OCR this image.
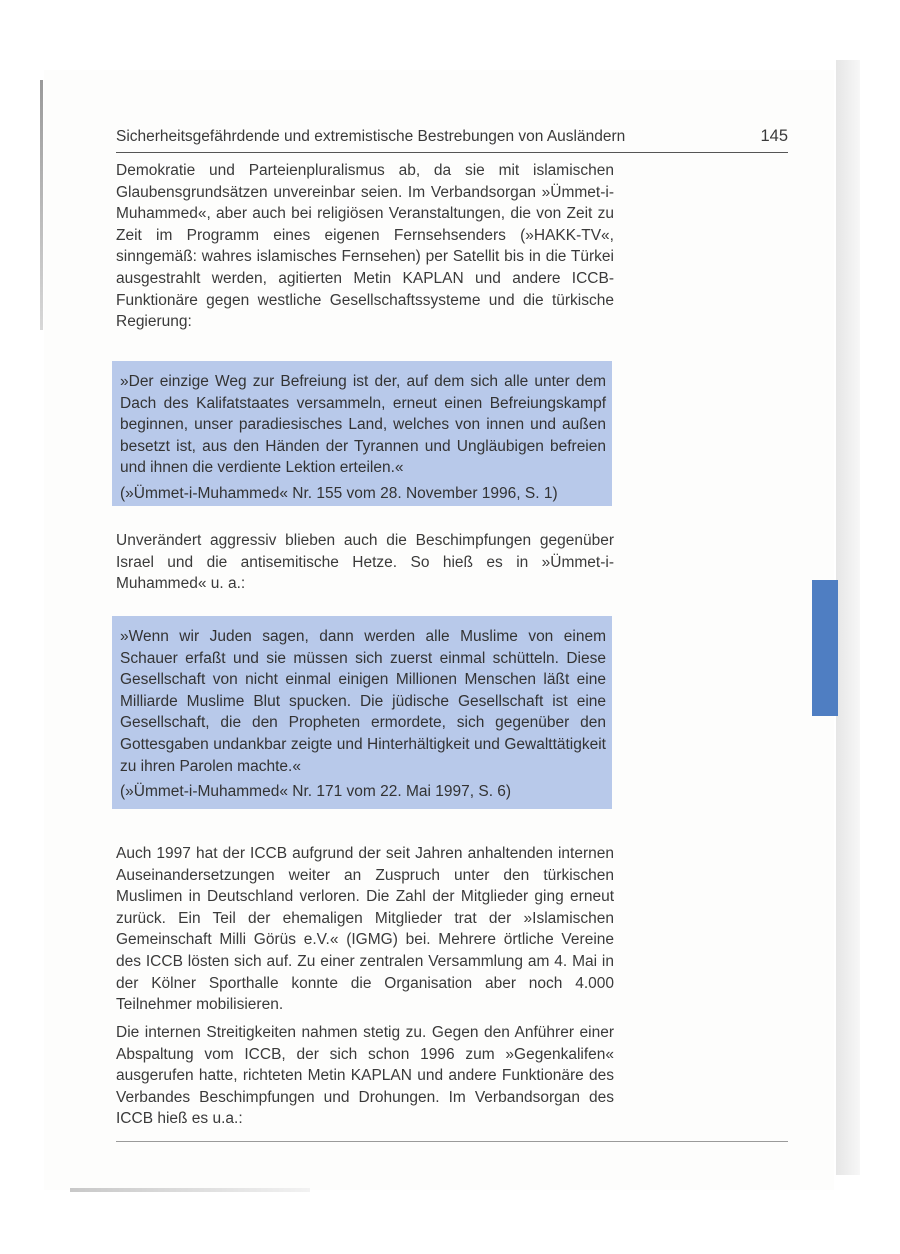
Sicherheitsgefährdende und extremistische Bestrebungen von Ausländern	145

Demokratie und Parteienpluralismus ab, da sie mit islamischen Glaubensgrundsätzen unvereinbar seien. Im Verbandsorgan »Ümmet-i-Muhammed«, aber auch bei religiösen Veranstaltungen, die von Zeit zu Zeit im Programm eines eigenen Fernsehsenders (»HAKK-TV«, sinngemäß: wahres islamisches Fernsehen) per Satellit bis in die Türkei ausgestrahlt werden, agitierten Metin KAPLAN und andere ICCB-Funktionäre gegen westliche Gesellschaftssysteme und die türkische Regierung:

»Der einzige Weg zur Befreiung ist der, auf dem sich alle unter dem Dach des Kalifatstaates versammeln, erneut einen Befreiungskampf beginnen, unser paradiesisches Land, welches von innen und außen besetzt ist, aus den Händen der Tyrannen und Ungläubigen befreien und ihnen die verdiente Lektion erteilen.«

(»Ümmet-i-Muhammed« Nr. 155 vom 28. November 1996, S. 1)

Unverändert aggressiv blieben auch die Beschimpfungen gegenüber Israel und die antisemitische Hetze. So hieß es in »Ümmet-i-Muhammed« u. a.:

»Wenn wir Juden sagen, dann werden alle Muslime von einem Schauer erfaßt und sie müssen sich zuerst einmal schütteln. Diese Gesellschaft von nicht einmal einigen Millionen Menschen läßt eine Milliarde Muslime Blut spucken. Die jüdische Gesellschaft ist eine Gesellschaft, die den Propheten ermordete, sich gegenüber den Gottesgaben undankbar zeigte und Hinterhältigkeit und Gewalttätigkeit zu ihren Parolen machte.«

(»Ümmet-i-Muhammed« Nr. 171 vom 22. Mai 1997, S. 6)

Auch 1997 hat der ICCB aufgrund der seit Jahren anhaltenden internen Auseinandersetzungen weiter an Zuspruch unter den türkischen Muslimen in Deutschland verloren. Die Zahl der Mitglieder ging erneut zurück. Ein Teil der ehemaligen Mitglieder trat der »Islamischen Gemeinschaft Milli Görüs e.V.« (IGMG) bei. Mehrere örtliche Vereine des ICCB lösten sich auf. Zu einer zentralen Versammlung am 4. Mai in der Kölner Sporthalle konnte die Organisation aber noch 4.000 Teilnehmer mobilisieren.

Die internen Streitigkeiten nahmen stetig zu. Gegen den Anführer einer Abspaltung vom ICCB, der sich schon 1996 zum »Gegenkalifen« ausgerufen hatte, richteten Metin KAPLAN und andere Funktionäre des Verbandes Beschimpfungen und Drohungen. Im Verbandsorgan des ICCB hieß es u.a.:
